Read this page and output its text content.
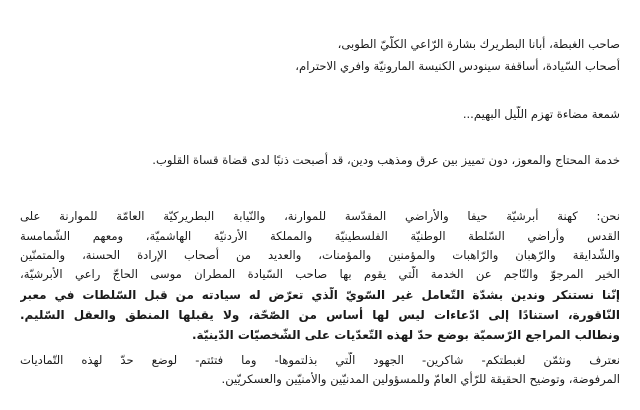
صاحب الغبطة، أبانا البطريرك بشارة الرّاعي الكلّيّ الطوبى،
أصحاب السّيادة، أساقفة سينودس الكنيسة المارونيّة وافري الاحترام،
شمعة مضاءة تهزم اللّيل البهيم...
خدمة المحتاج والمعوز، دون تمييز بين عرق ومذهب ودين، قد أصبحت ذنبًا لدى قضاة قساة القلوب.
نحن: كهنة أبرشيّة حيفا والأراضي المقدّسة للموارنة، والنّيابة البطريركيّة العامّة للموارنة على
القدس وأراضي السّلطة الوطنيّة الفلسطينيّة والمملكة الأردنيّة الهاشميّة، ومعهم الشّمامسة
والشّدايقة والرّهبان والرّاهبات والمؤمنين والمؤمنات، والعديد من أصحاب الإرادة الحسنة، والمتمنّين
الخير المرجوّ والنّاجم عن الخدمة الّتي يقوم بها صاحب السّيادة المطران موسى الحاجّ راعي الأبرشيّة،
إنّنا نستنكر وندين بشدّة التّعامل غير السّويّ الّذي تعرّض له سيادته من قبل السّلطات في معبر
النّاقورة، استنادًا إلى ادّعاءات ليس لها أساس من الصّحّة، ولا يقبلها المنطق والعقل السّليم.
ونطالب المراجع الرّسميّة بوضع حدّ لهذه التّعدّيات على الشّخصيّات الدّينيّة.
نعترف ونثمّن لغبطتكم- شاكرين- الجهود الّتي بذلتموها- وما فتئتم- لوضع حدّ لهذه التّماديات
المرفوضة، وتوضيح الحقيقة للرّأي العامّ وللمسؤولين المدنيّين والأمنيّين والعسكريّين.
